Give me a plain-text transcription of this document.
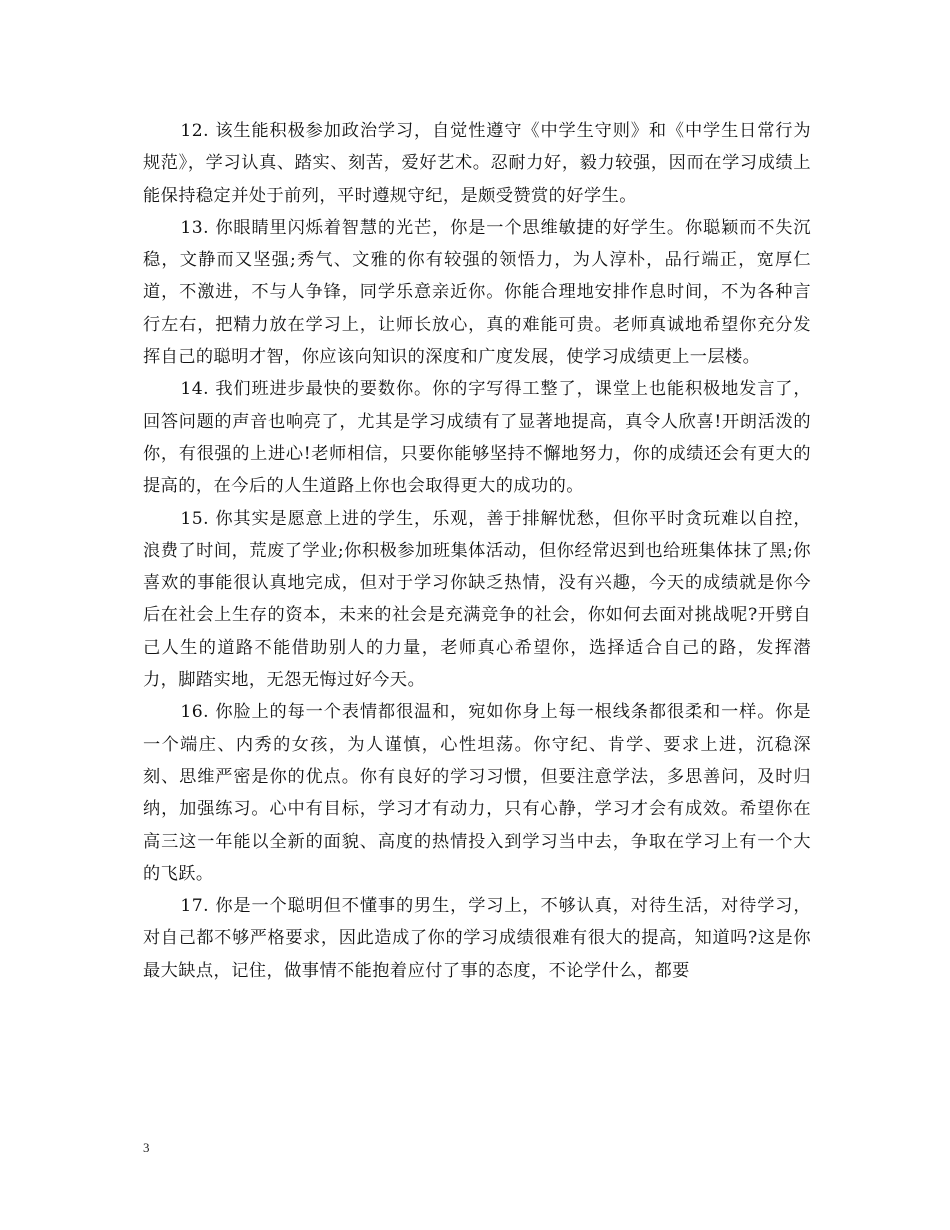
12. 该生能积极参加政治学习，自觉性遵守《中学生守则》和《中学生日常行为规范》，学习认真、踏实、刻苦，爱好艺术。忍耐力好，毅力较强，因而在学习成绩上能保持稳定并处于前列，平时遵规守纪，是颇受赞赏的好学生。

13. 你眼睛里闪烁着智慧的光芒，你是一个思维敏捷的好学生。你聪颖而不失沉稳，文静而又坚强;秀气、文雅的你有较强的领悟力，为人淳朴，品行端正，宽厚仁道，不激进，不与人争锋，同学乐意亲近你。你能合理地安排作息时间，不为各种言行左右，把精力放在学习上，让师长放心，真的难能可贵。老师真诚地希望你充分发挥自己的聪明才智，你应该向知识的深度和广度发展，使学习成绩更上一层楼。

14. 我们班进步最快的要数你。你的字写得工整了，课堂上也能积极地发言了，回答问题的声音也响亮了，尤其是学习成绩有了显著地提高，真令人欣喜!开朗活泼的你，有很强的上进心!老师相信，只要你能够坚持不懈地努力，你的成绩还会有更大的提高的，在今后的人生道路上你也会取得更大的成功的。

15. 你其实是愿意上进的学生，乐观，善于排解忧愁，但你平时贪玩难以自控，浪费了时间，荒废了学业;你积极参加班集体活动，但你经常迟到也给班集体抹了黑;你喜欢的事能很认真地完成，但对于学习你缺乏热情，没有兴趣，今天的成绩就是你今后在社会上生存的资本，未来的社会是充满竞争的社会，你如何去面对挑战呢?开劈自己人生的道路不能借助别人的力量，老师真心希望你，选择适合自己的路，发挥潜力，脚踏实地，无怨无悔过好今天。

16. 你脸上的每一个表情都很温和，宛如你身上每一根线条都很柔和一样。你是一个端庄、内秀的女孩，为人谨慎，心性坦荡。你守纪、肯学、要求上进，沉稳深刻、思维严密是你的优点。你有良好的学习习惯，但要注意学法，多思善问，及时归纳，加强练习。心中有目标，学习才有动力，只有心静，学习才会有成效。希望你在高三这一年能以全新的面貌、高度的热情投入到学习当中去，争取在学习上有一个大的飞跃。

17. 你是一个聪明但不懂事的男生，学习上，不够认真，对待生活，对待学习，对自己都不够严格要求，因此造成了你的学习成绩很难有很大的提高，知道吗?这是你最大缺点，记住，做事情不能抱着应付了事的态度，不论学什么，都要

3
